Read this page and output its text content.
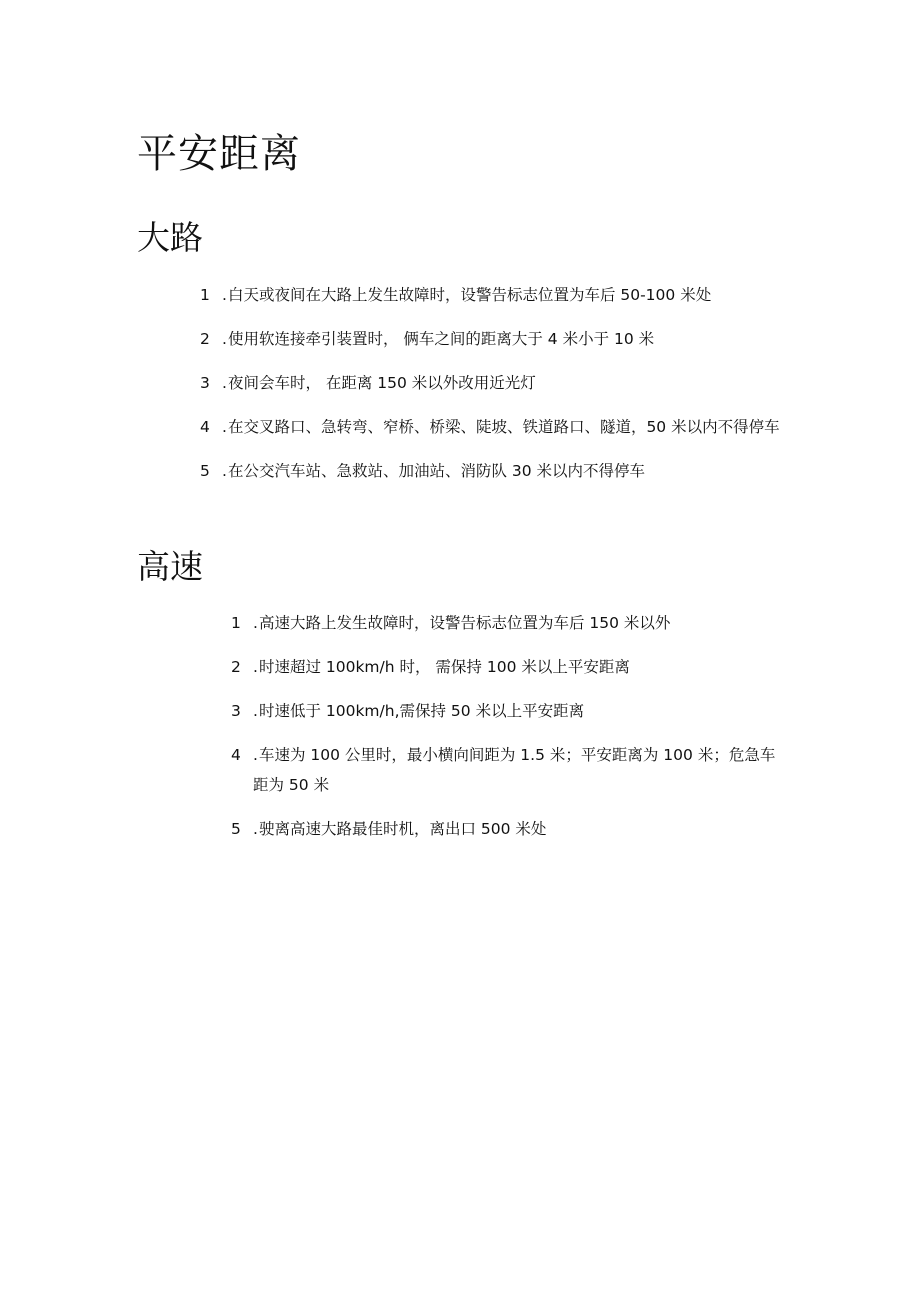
平安距离
大路
1	. 白天或夜间在大路上发生故障时，设警告标志位置为车后 50-100 米处
2	. 使用软连接牵引装置时， 俩车之间的距离大于 4 米小于 10 米
3	. 夜间会车时， 在距离 150 米以外改用近光灯
4	. 在交叉路口、急转弯、窄桥、桥梁、陡坡、铁道路口、隧道，50 米以内不得停车
5	. 在公交汽车站、急救站、加油站、消防队 30 米以内不得停车
高速
1	. 高速大路上发生故障时，设警告标志位置为车后 150 米以外
2	. 时速超过 100km/h 时， 需保持 100 米以上平安距离
3	. 时速低于 100km/h,需保持 50 米以上平安距离
4	. 车速为 100 公里时，最小横向间距为 1.5 米；平安距离为 100 米；危急车距为 50 米
5	. 驶离高速大路最佳时机，离出口 500 米处
